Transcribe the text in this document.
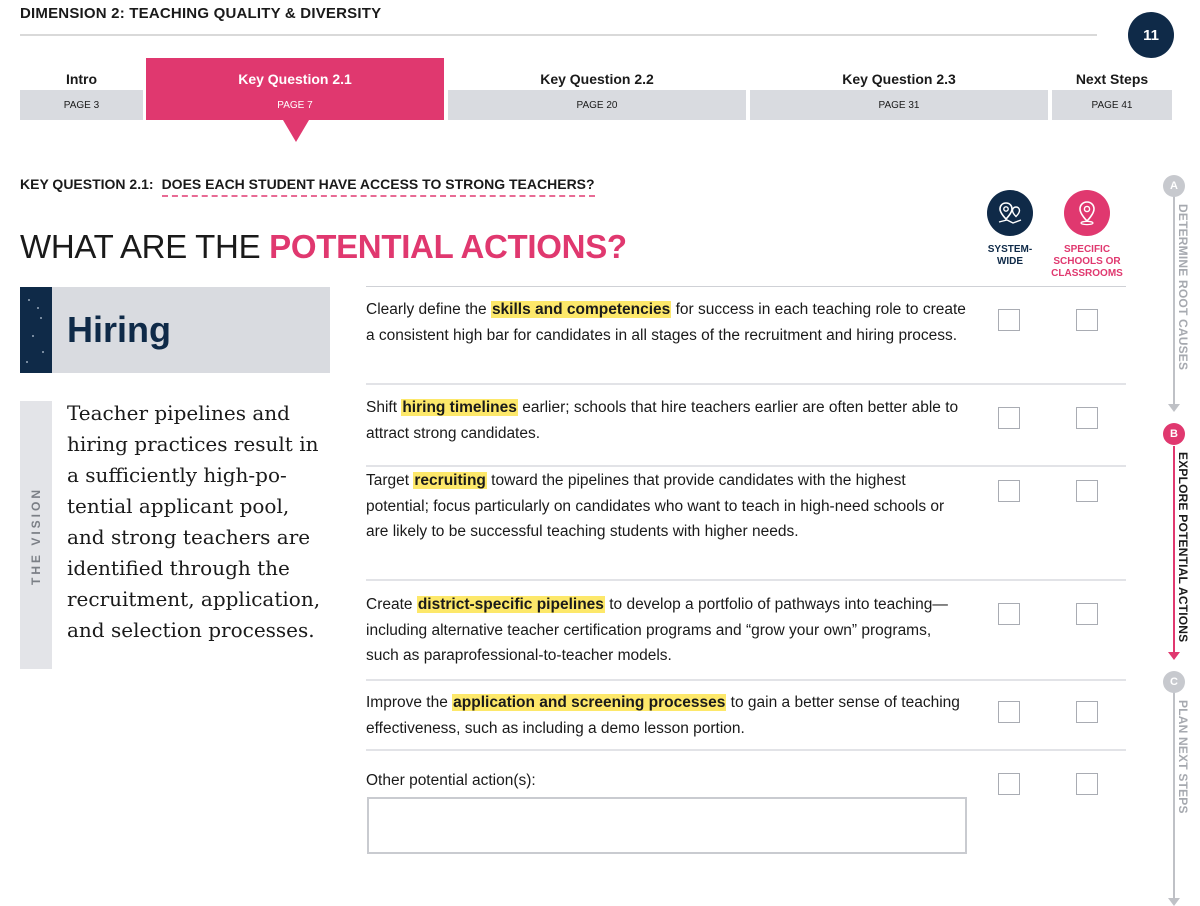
DIMENSION 2: TEACHING QUALITY & DIVERSITY
11
Intro
PAGE 3
Key Question 2.1
PAGE 7
Key Question 2.2
PAGE 20
Key Question 2.3
PAGE 31
Next Steps
PAGE 41
KEY QUESTION 2.1: DOES EACH STUDENT HAVE ACCESS TO STRONG TEACHERS?
WHAT ARE THE POTENTIAL ACTIONS?	SYSTEM-WIDE
SPECIFIC SCHOOLS OR CLASSROOMS
Hiring
THE VISION
Teacher pipelines and hiring practices result in a sufficiently high-potential applicant pool, and strong teachers are identified through the recruitment, application, and selection processes.

Clearly define the skills and competencies for success in each teaching role to create a consistent high bar for candidates in all stages of the recruitment and hiring process.

Shift hiring timelines earlier; schools that hire teachers earlier are often better able to attract strong candidates.

Target recruiting toward the pipelines that provide candidates with the highest potential; focus particularly on candidates who want to teach in high-need schools or are likely to be successful teaching students with higher needs.

Create district-specific pipelines to develop a portfolio of pathways into teaching—including alternative teacher certification programs and “grow your own” programs, such as paraprofessional-to-teacher models.

Improve the application and screening processes to gain a better sense of teaching effectiveness, such as including a demo lesson portion.

Other potential action(s):
A
DETERMINE ROOT CAUSES
B
EXPLORE POTENTIAL ACTIONS
C
PLAN NEXT STEPS
